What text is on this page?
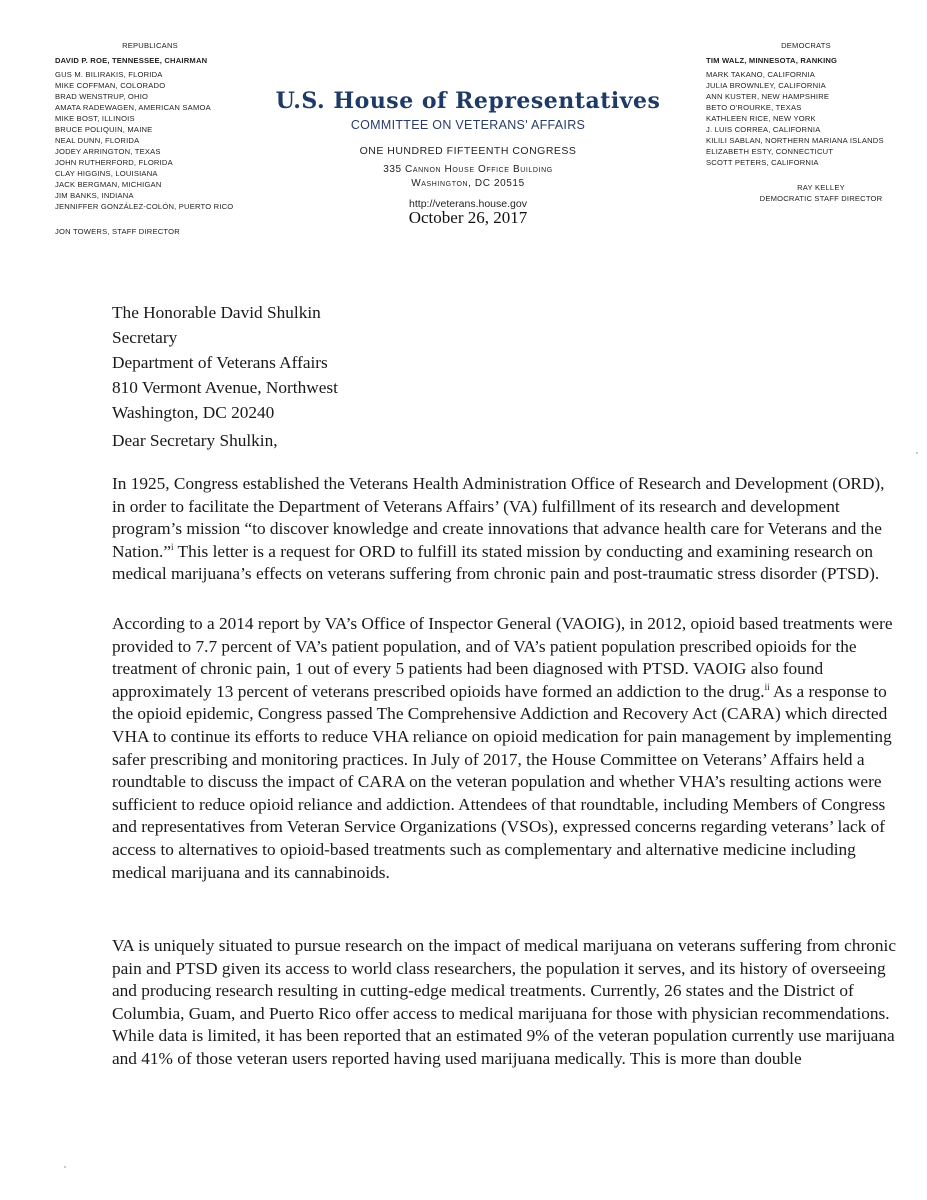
REPUBLICANS
DAVID P. ROE, TENNESSEE, CHAIRMAN
GUS M. BILIRAKIS, FLORIDA
MIKE COFFMAN, COLORADO
BRAD WENSTRUP, OHIO
AMATA RADEWAGEN, AMERICAN SAMOA
MIKE BOST, ILLINOIS
BRUCE POLIQUIN, MAINE
NEAL DUNN, FLORIDA
JODEY ARRINGTON, TEXAS
JOHN RUTHERFORD, FLORIDA
CLAY HIGGINS, LOUISIANA
JACK BERGMAN, MICHIGAN
JIM BANKS, INDIANA
JENNIFFER GONZÁLEZ-COLÓN, PUERTO RICO
JON TOWERS, STAFF DIRECTOR
U.S. House of Representatives
COMMITTEE ON VETERANS' AFFAIRS
ONE HUNDRED FIFTEENTH CONGRESS
335 Cannon House Office Building
Washington, DC 20515
http://veterans.house.gov
October 26, 2017
DEMOCRATS
TIM WALZ, MINNESOTA, RANKING
MARK TAKANO, CALIFORNIA
JULIA BROWNLEY, CALIFORNIA
ANN KUSTER, NEW HAMPSHIRE
BETO O'ROURKE, TEXAS
KATHLEEN RICE, NEW YORK
J. LUIS CORREA, CALIFORNIA
KILILI SABLAN, NORTHERN MARIANA ISLANDS
ELIZABETH ESTY, CONNECTICUT
SCOTT PETERS, CALIFORNIA
RAY KELLEY
DEMOCRATIC STAFF DIRECTOR
The Honorable David Shulkin
Secretary
Department of Veterans Affairs
810 Vermont Avenue, Northwest
Washington, DC 20240
Dear Secretary Shulkin,

In 1925, Congress established the Veterans Health Administration Office of Research and Development (ORD), in order to facilitate the Department of Veterans Affairs’ (VA) fulfillment of its research and development program’s mission “to discover knowledge and create innovations that advance health care for Veterans and the Nation.”$^i$ This letter is a request for ORD to fulfill its stated mission by conducting and examining research on medical marijuana’s effects on veterans suffering from chronic pain and post-traumatic stress disorder (PTSD).

According to a 2014 report by VA’s Office of Inspector General (VAOIG), in 2012, opioid based treatments were provided to 7.7 percent of VA’s patient population, and of VA’s patient population prescribed opioids for the treatment of chronic pain, 1 out of every 5 patients had been diagnosed with PTSD. VAOIG also found approximately 13 percent of veterans prescribed opioids have formed an addiction to the drug.$^{ii}$ As a response to the opioid epidemic, Congress passed The Comprehensive Addiction and Recovery Act (CARA) which directed VHA to continue its efforts to reduce VHA reliance on opioid medication for pain management by implementing safer prescribing and monitoring practices. In July of 2017, the House Committee on Veterans’ Affairs held a roundtable to discuss the impact of CARA on the veteran population and whether VHA’s resulting actions were sufficient to reduce opioid reliance and addiction. Attendees of that roundtable, including Members of Congress and representatives from Veteran Service Organizations (VSOs), expressed concerns regarding veterans’ lack of access to alternatives to opioid-based treatments such as complementary and alternative medicine including medical marijuana and its cannabinoids.

VA is uniquely situated to pursue research on the impact of medical marijuana on veterans suffering from chronic pain and PTSD given its access to world class researchers, the population it serves, and its history of overseeing and producing research resulting in cutting-edge medical treatments. Currently, 26 states and the District of Columbia, Guam, and Puerto Rico offer access to medical marijuana for those with physician recommendations. While data is limited, it has been reported that an estimated 9% of the veteran population currently use marijuana and 41% of those veteran users reported having used marijuana medically. This is more than double
